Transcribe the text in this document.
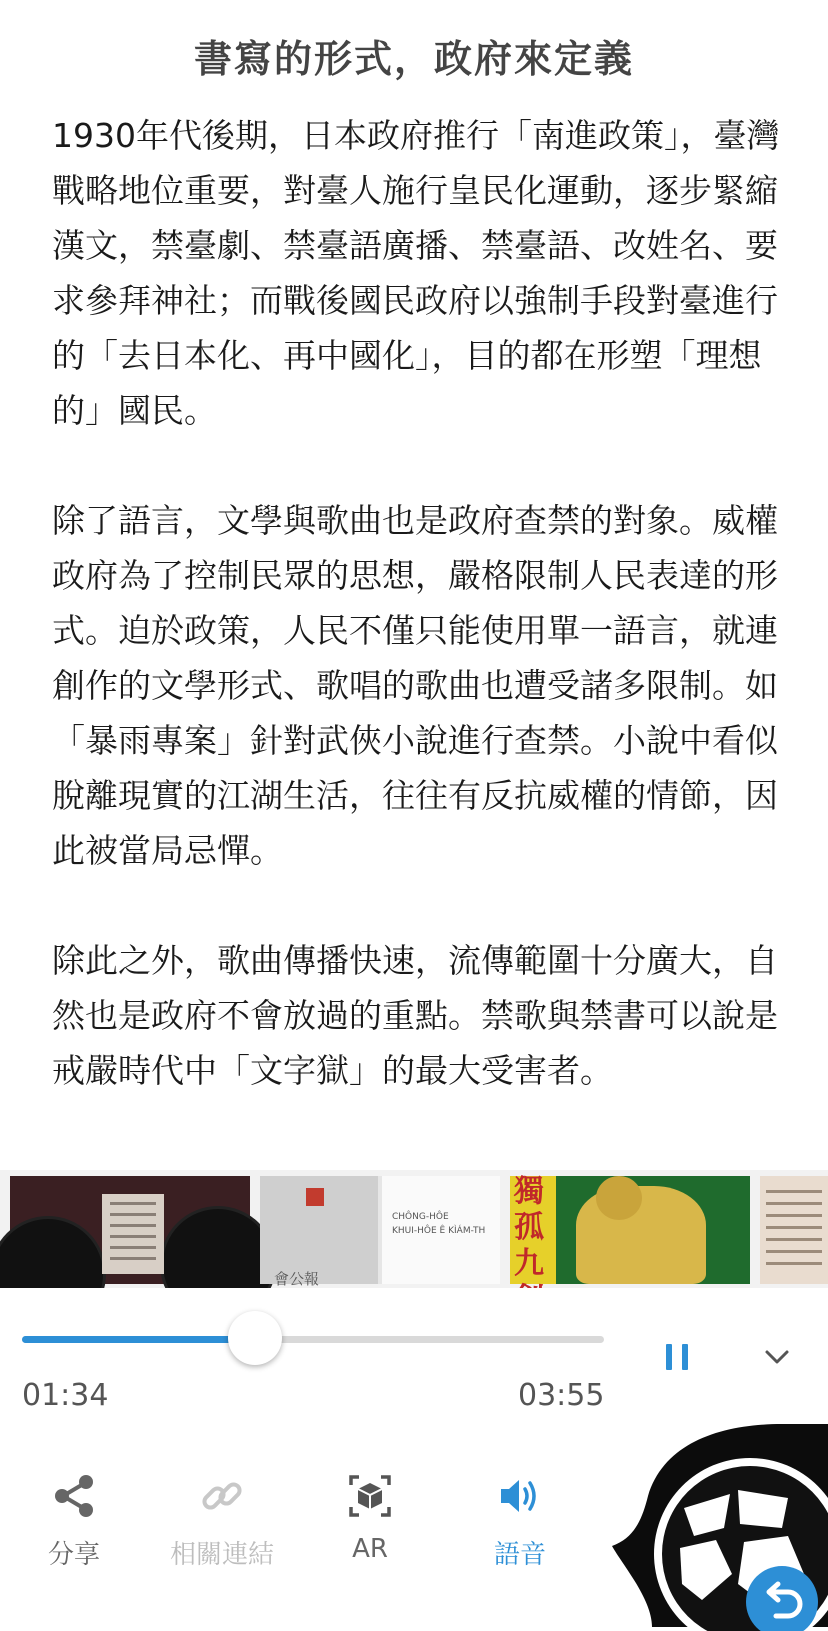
書寫的形式，政府來定義

1930年代後期，日本政府推行「南進政策」，臺灣戰略地位重要，對臺人施行皇民化運動，逐步緊縮漢文，禁臺劇、禁臺語廣播、禁臺語、改姓名、要求參拜神社；而戰後國民政府以強制手段對臺進行的「去日本化、再中國化」，目的都在形塑「理想的」國民。

除了語言，文學與歌曲也是政府查禁的對象。威權政府為了控制民眾的思想，嚴格限制人民表達的形式。迫於政策，人民不僅只能使用單一語言，就連創作的文學形式、歌唱的歌曲也遭受諸多限制。如「暴雨專案」針對武俠小說進行查禁。小說中看似脫離現實的江湖生活，往往有反抗威權的情節，因此被當局忌憚。

除此之外，歌曲傳播快速，流傳範圍十分廣大，自然也是政府不會放過的重點。禁歌與禁書可以說是戒嚴時代中「文字獄」的最大受害者。

會公報
CHÔNG-HÔE
KHUI-HÔE Ê KÌÁM-TH
獨孤九
01:34	03:55
分享	相關連結	AR	語音
